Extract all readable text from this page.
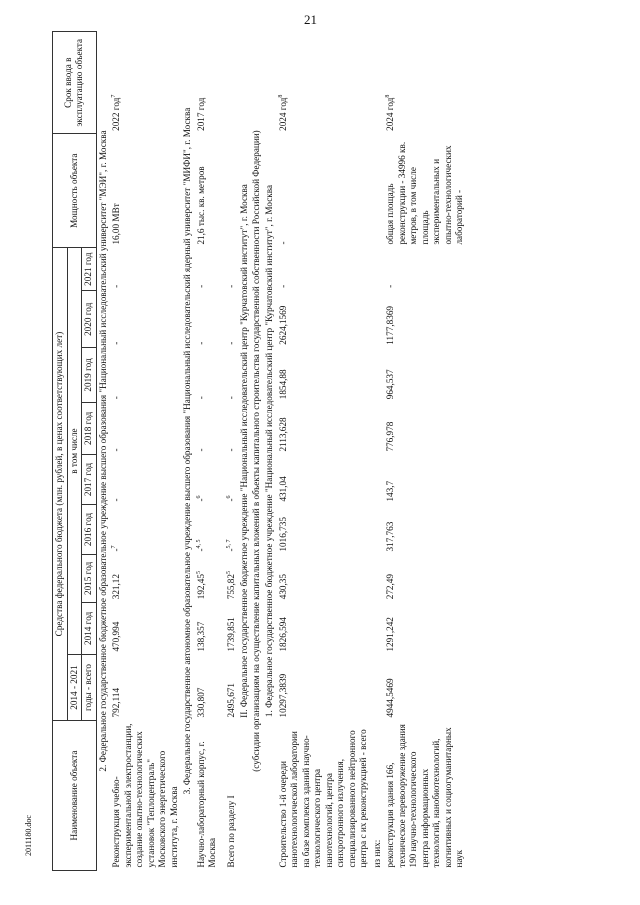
21
2011180.doc	Наименование объекта	Средства федерального бюджета (млн. рублей, в ценах соответствующих лет)									Мощность объекта	Срок ввода в эксплуатацию объекта
	2014 - 2021	в том числе									
	годы - всего	2014 год	2015 год	2016 год	2017 год	2018 год	2019 год	2020 год	2021 год		
2. Федеральное государственное бюджетное образовательное учреждение высшего образования "Национальный исследовательский университет "МЭИ", г. Москва											
Реконструкция учебно-экспериментальной электростанции, создание опытно-технологических установок "Теплоцентраль" Московского энергетического института, г. Москва	792,114	470,994	321,12	-$^7$	-	-	-	-	-	16,00 МВт	2022 год$^7$
3. Федеральное государственное автономное образовательное учреждение высшего образования "Национальный исследовательский ядерный университет "МИФИ", г. Москва											
Научно-лабораторный корпус, г. Москва	330,807	138,357	192,45$^5$	-$^{4, 5}$	-$^6$	-	-	-	-	21,6 тыс. кв. метров	2017 год
Всего по разделу I	2495,671	1739,851	755,82$^5$	-$^{5, 7}$	-$^6$	-	-	-	-		

II. Федеральное государственное бюджетное учреждение "Национальный исследовательский центр "Курчатовский институт", г. Москва (субсидии организациям на осуществление капитальных вложений в объекты капитального строительства государственной собственности Российской Федерации)											

1. Федеральное государственное бюджетное учреждение "Национальный исследовательский центр "Курчатовский институт", г. Москва											
Строительство 1-й очереди нанотехнологической лаборатории на базе комплекса зданий научно-технологического центра нанотехнологий, центра синхротронного излучения, специализированного нейтронного центра с их реконструкцией - всего	10297,3839	1826,594	430,35	1016,735	431,04	2113,628	1854,88	2624,1569	-	-	2024 год$^8$
из них:											
реконструкция здания 166, техническое перевооружение здания 190 научно-технологического центра информационных технологий, нанобиотехнологий, когнитивных и социогуманитарных наук	4944,5469	1291,242	272,49	317,763	143,7	776,978	964,537	1177,8369	-	общая площадь реконструкции - 34996 кв. метров, в том числе площадь экспериментальных и опытно-технологических лабораторий -	2024 год$^8$
